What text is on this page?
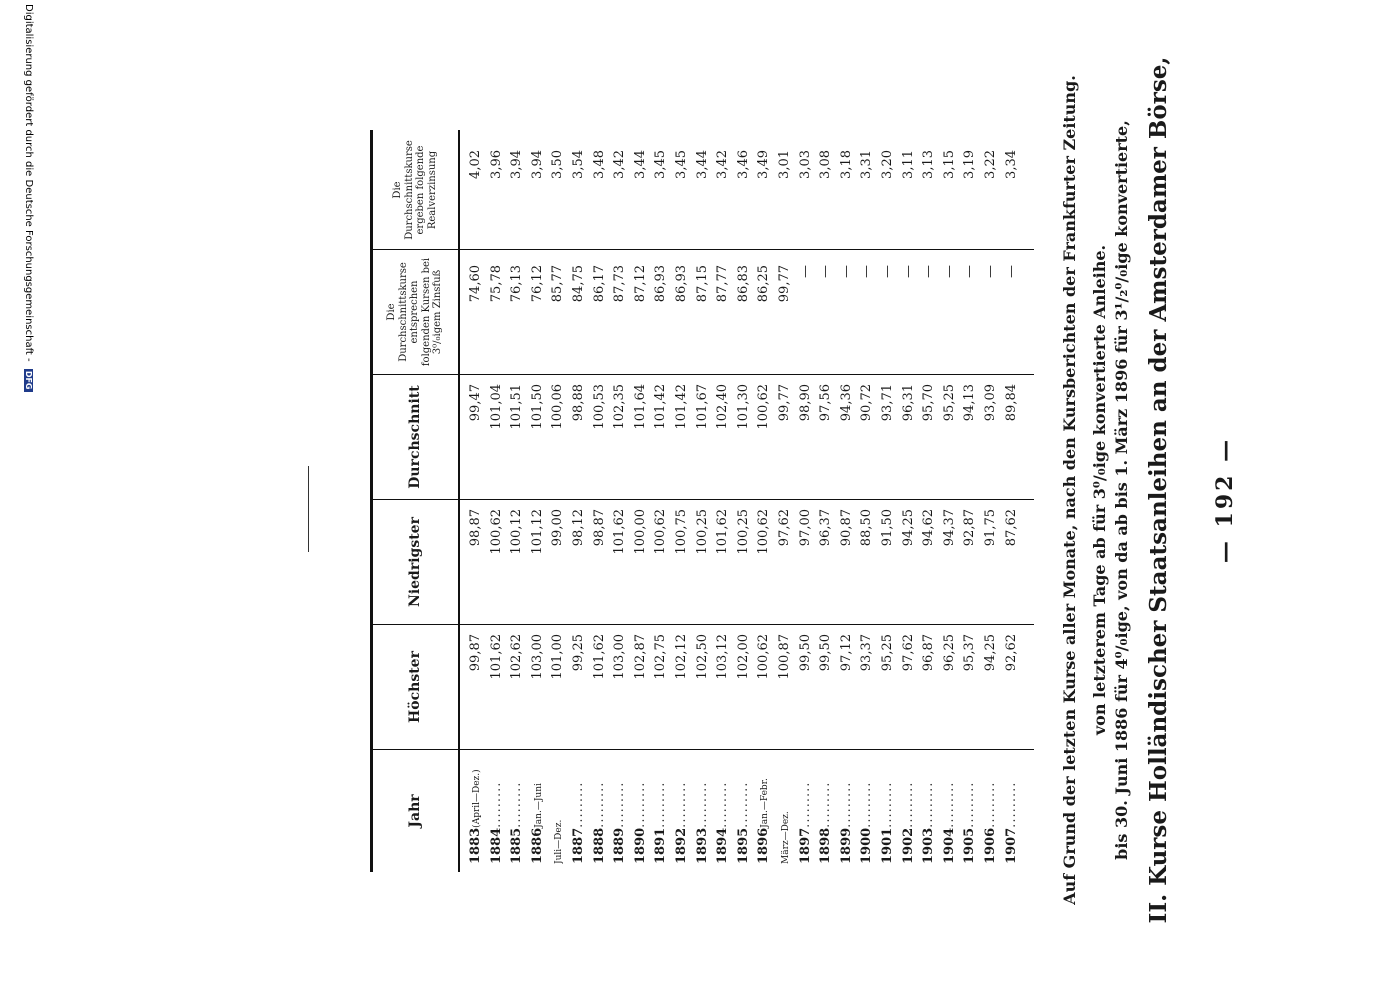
— 192 —
II. Kurse Holländischer Staatsanleihen an der Amsterdamer Börse,
bis 30. Juni 1886 für 4⁰/₀ige, von da ab bis 1. März 1896 für 3¹/₂⁰/₀ige konvertierte,
von letzterem Tage ab für 3⁰/₀ige konvertierte Anleihe.
Auf Grund der letzten Kurse aller Monate, nach den Kursberichten der Frankfurter Zeitung.
Jahr
Höchster
Niedrigster
Durchschnitt
Die Durchschnittskurse entsprechen folgenden Kursen bei 3⁰/₀igem Zinsfuß
Die Durchschnittskurse ergeben folgende Realverzinsung
1883(April—Dez.)
99,87
98,87
99,47
74,60
4,02
1884.........
101,62
100,62
101,04
75,78
3,96
1885.........
102,62
100,12
101,51
76,13
3,94
1886Jan.—Juni
103,00
101,12
101,50
76,12
3,94
Juli—Dez.
101,00
99,00
100,06
85,77
3,50
1887.........
99,25
98,12
98,88
84,75
3,54
1888.........
101,62
98,87
100,53
86,17
3,48
1889.........
103,00
101,62
102,35
87,73
3,42
1890.........
102,87
100,00
101,64
87,12
3,44
1891.........
102,75
100,62
101,42
86,93
3,45
1892.........
102,12
100,75
101,42
86,93
3,45
1893.........
102,50
100,25
101,67
87,15
3,44
1894.........
103,12
101,62
102,40
87,77
3,42
1895.........
102,00
100,25
101,30
86,83
3,46
1896Jan.—Febr.
100,62
100,62
100,62
86,25
3,49
März—Dez.
100,87
97,62
99,77
99,77
3,01
1897.........
99,50
97,00
98,90
—
3,03
1898.........
99,50
96,37
97,56
—
3,08
1899.........
97,12
90,87
94,36
—
3,18
1900.........
93,37
88,50
90,72
—
3,31
1901.........
95,25
91,50
93,71
—
3,20
1902.........
97,62
94,25
96,31
—
3,11
1903.........
96,87
94,62
95,70
—
3,13
1904.........
96,25
94,37
95,25
—
3,15
1905.........
95,37
92,87
94,13
—
3,19
1906.........
94,25
91,75
93,09
—
3,22
1907.........
92,62
87,62
89,84
—
3,34
Digitalisierung gefördert durch die Deutsche Forschungsgemeinschaft - DFG
